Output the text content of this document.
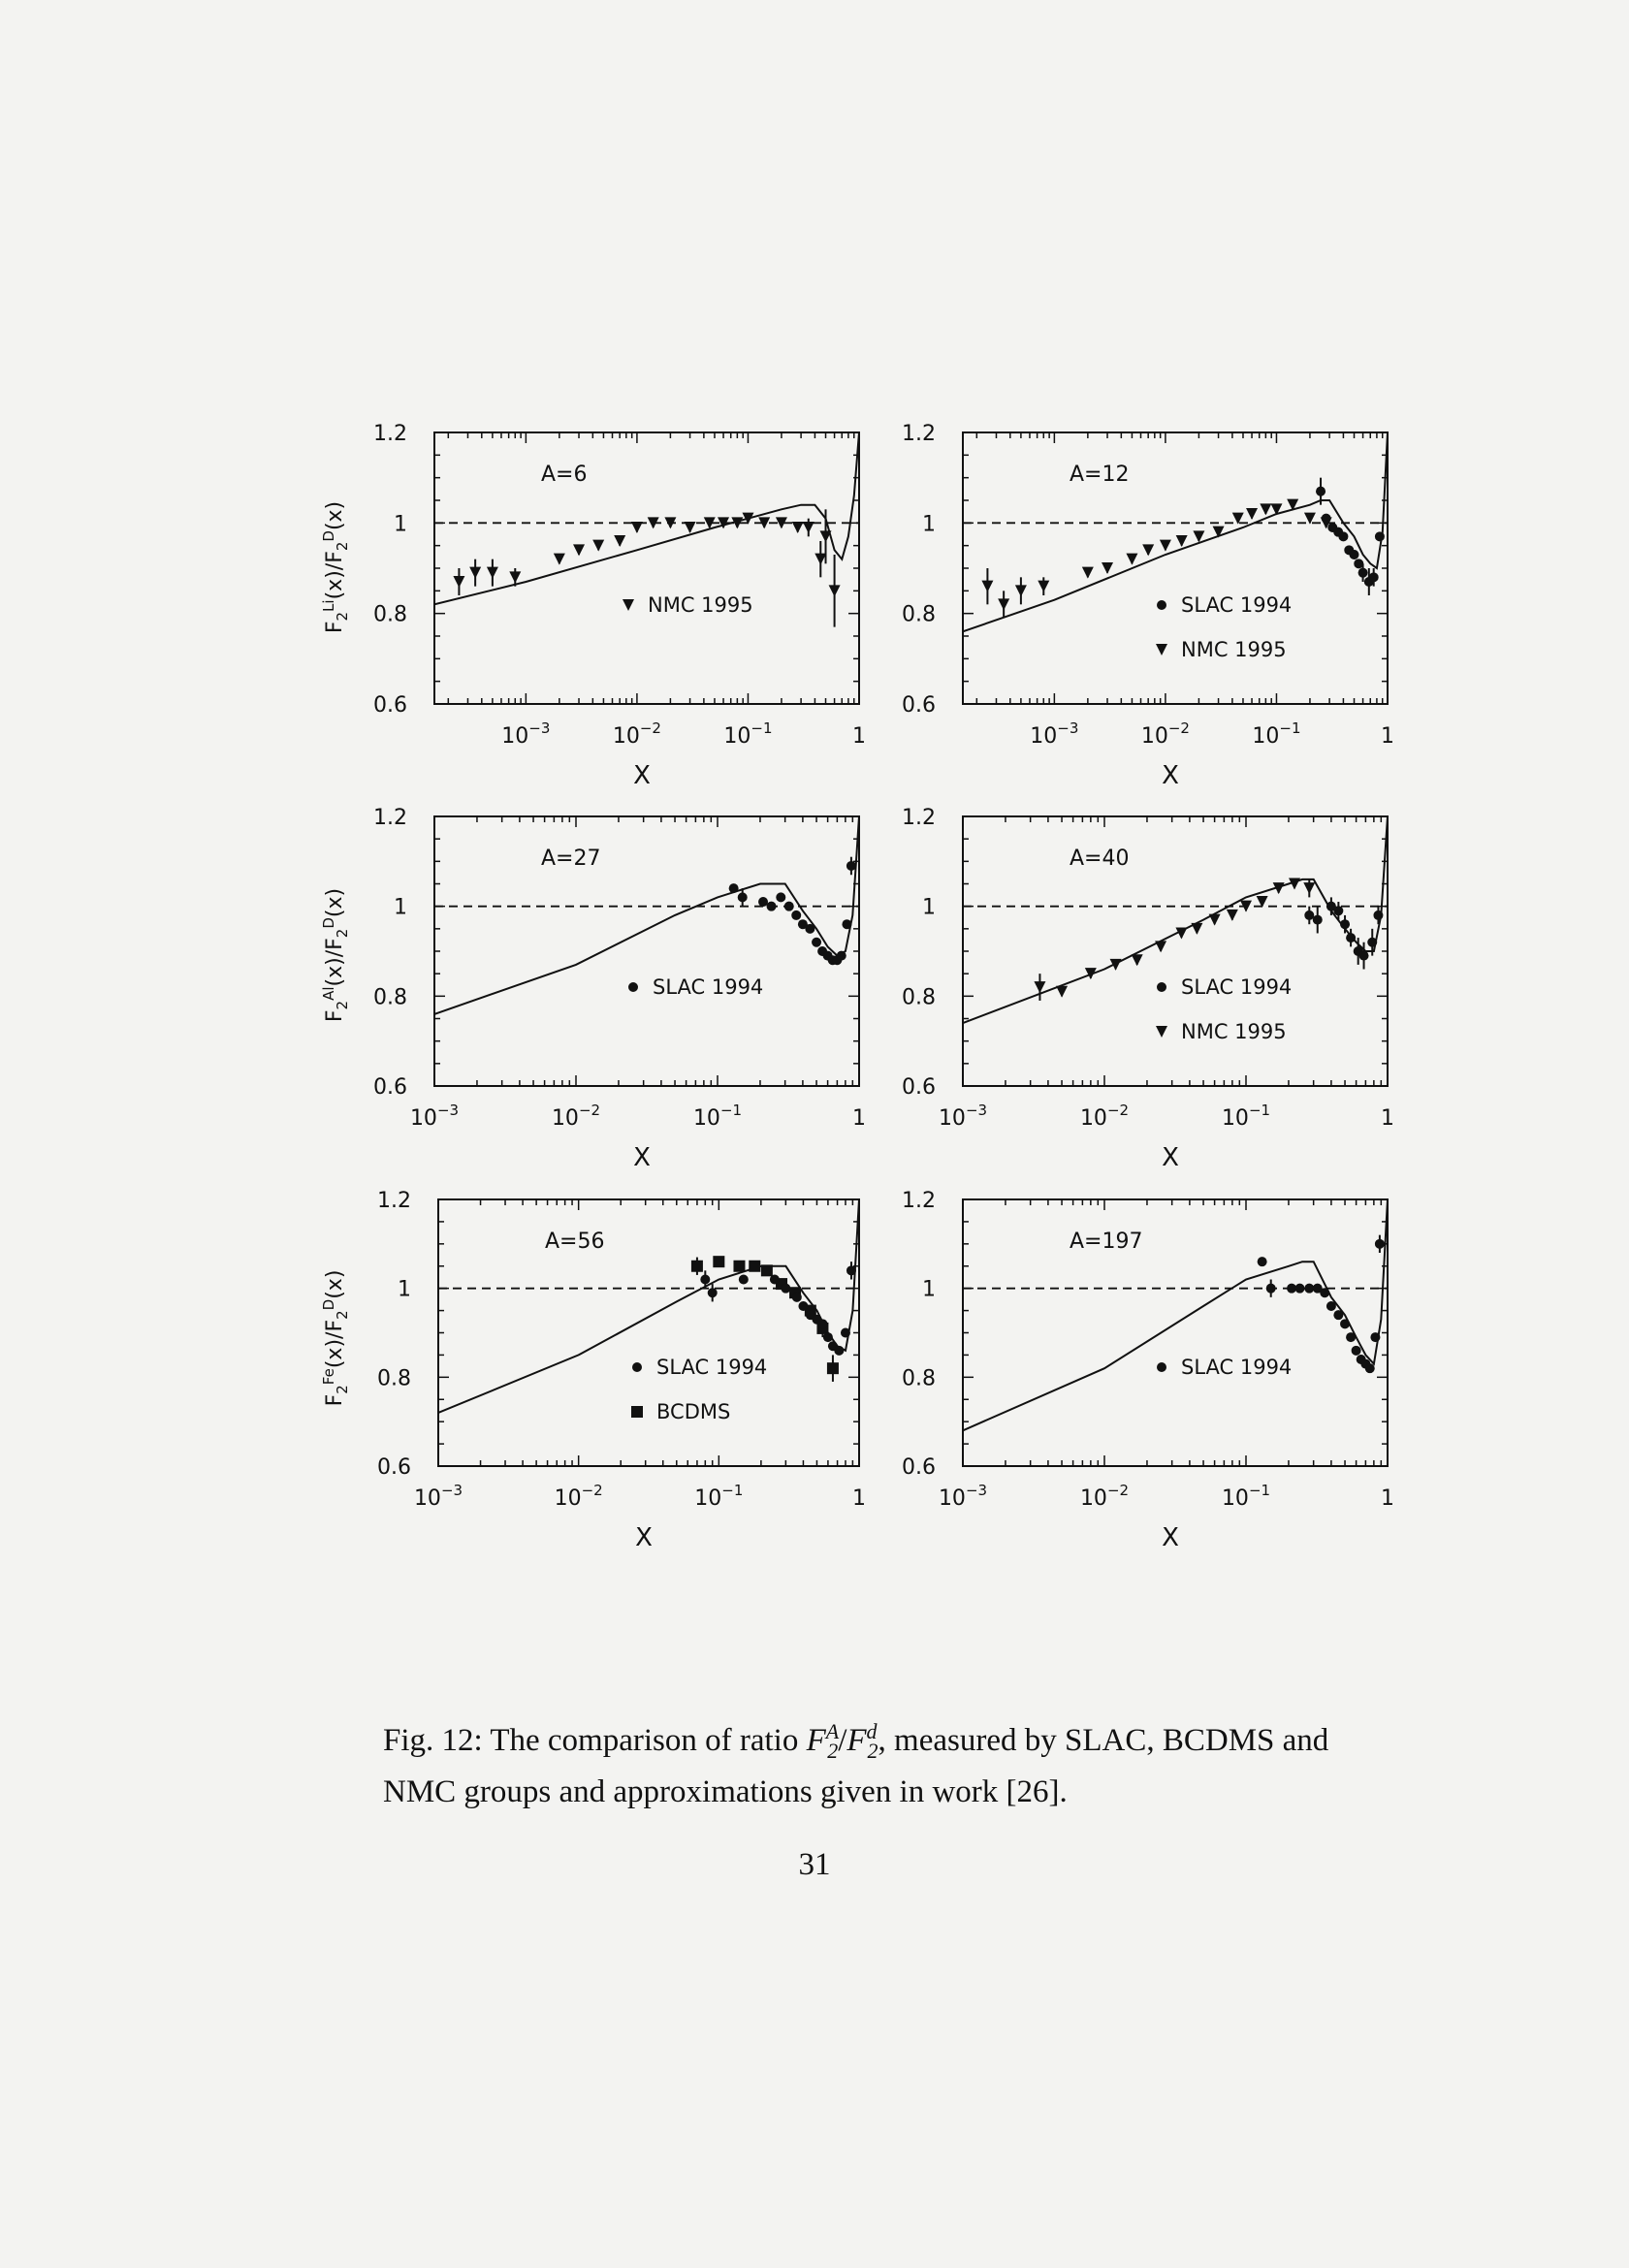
$F_2^{Li}(x)/F_2^D(x)$
$F_2^{Al}(x)/F_2^D(x)$
$F_2^{Fe}(x)/F_2^D(x)$
1.2
1
0.8
0.6
$10^{-3}$	$10^{-2}$	$10^{-1}$	1
X
A=6
NMC 1995
1.2
1
0.8
0.6
$10^{-3}$	$10^{-2}$	$10^{-1}$	1
X
A=12
SLAC 1994
NMC 1995
1.2
1
0.8
0.6
$10^{-3}$	$10^{-2}$	$10^{-1}$	1
X
A=27
SLAC 1994
1.2
1
0.8
0.6
$10^{-3}$	$10^{-2}$	$10^{-1}$	1
X
A=40
SLAC 1994
NMC 1995
1.2
1
0.8
0.6
$10^{-3}$	$10^{-2}$	$10^{-1}$	1
X
A=56
SLAC 1994
BCDMS
1.2
1
0.8
0.6
$10^{-3}$	$10^{-2}$	$10^{-1}$	1
X
A=197
SLAC 1994
Fig. 12: The comparison of ratio $F^A_2/F^d_2$, measured by SLAC, BCDMS and
NMC groups and approximations given in work [26].
31
